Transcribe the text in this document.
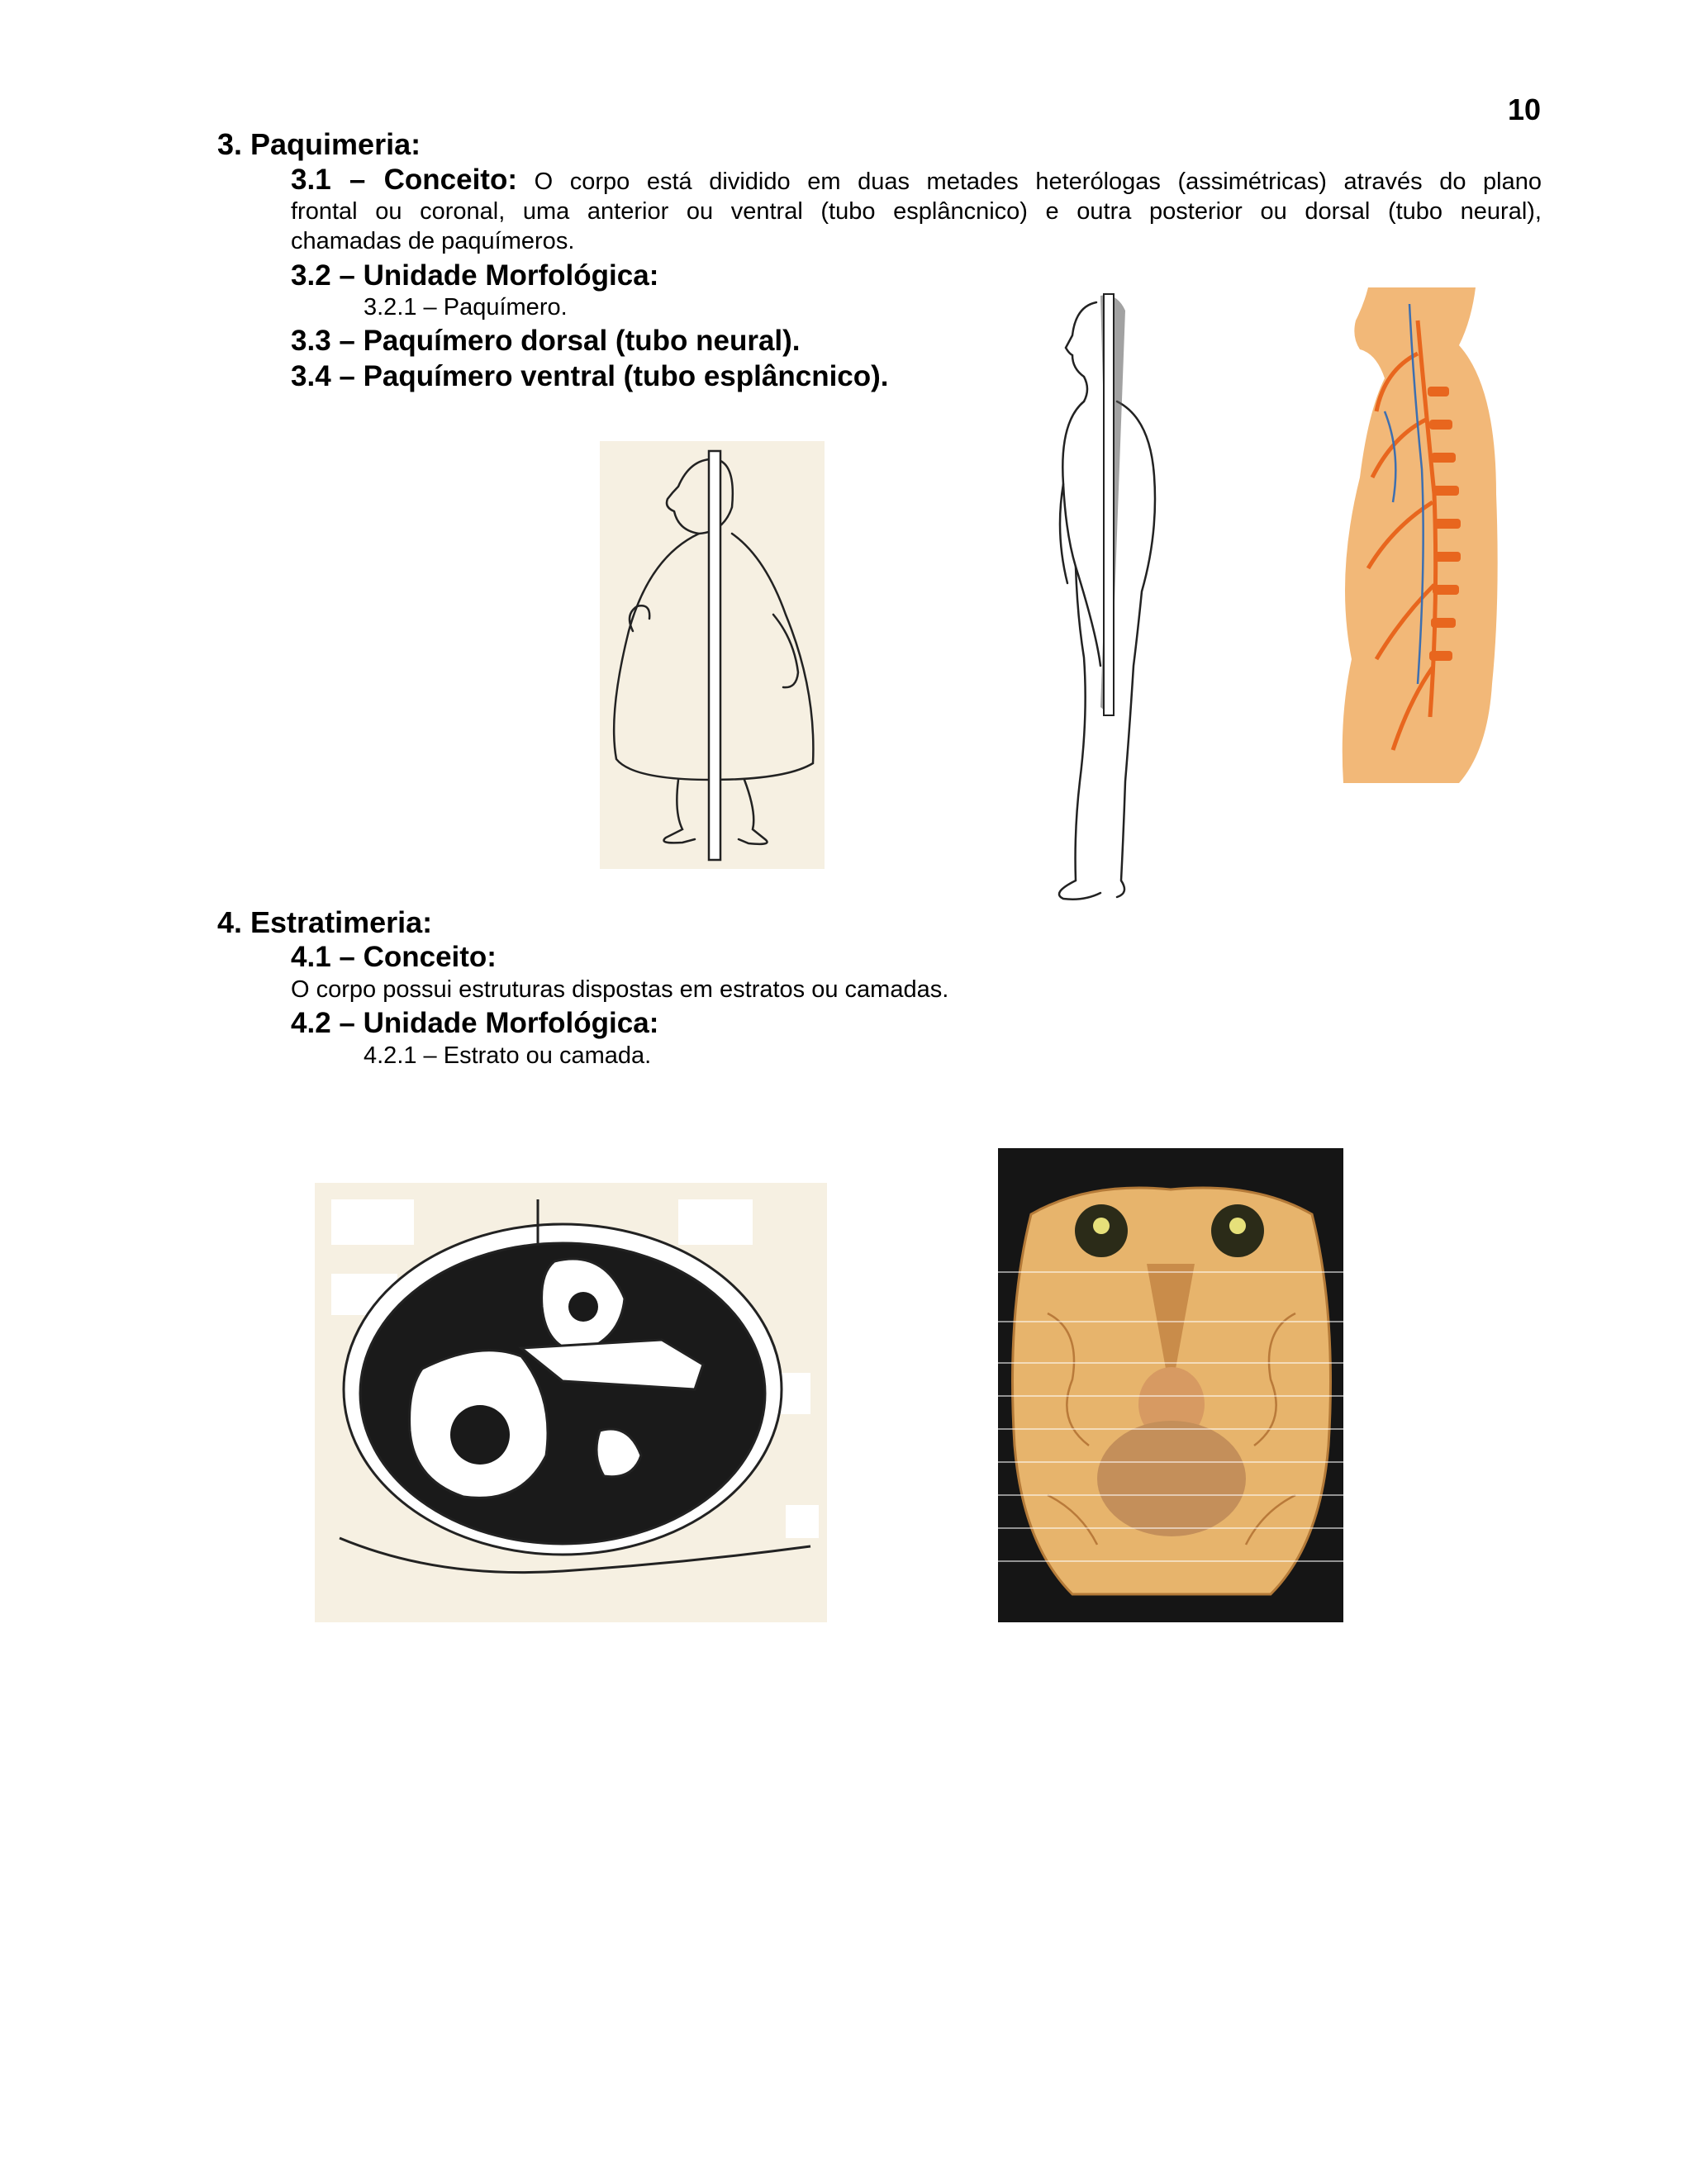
10
3. Paquimeria:
3.1 – Conceito: O corpo está dividido em duas metades heterólogas (assimétricas) através do plano
frontal ou coronal, uma anterior ou ventral (tubo esplâncnico) e outra posterior ou dorsal (tubo neural),
chamadas de paquímeros.
3.2 – Unidade Morfológica:
3.2.1 – Paquímero.
3.3 – Paquímero dorsal (tubo neural).
3.4 – Paquímero ventral (tubo esplâncnico).
4. Estratimeria:
4.1 – Conceito:
O corpo possui estruturas dispostas em estratos ou camadas.
4.2 – Unidade Morfológica:
4.2.1 – Estrato ou camada.
